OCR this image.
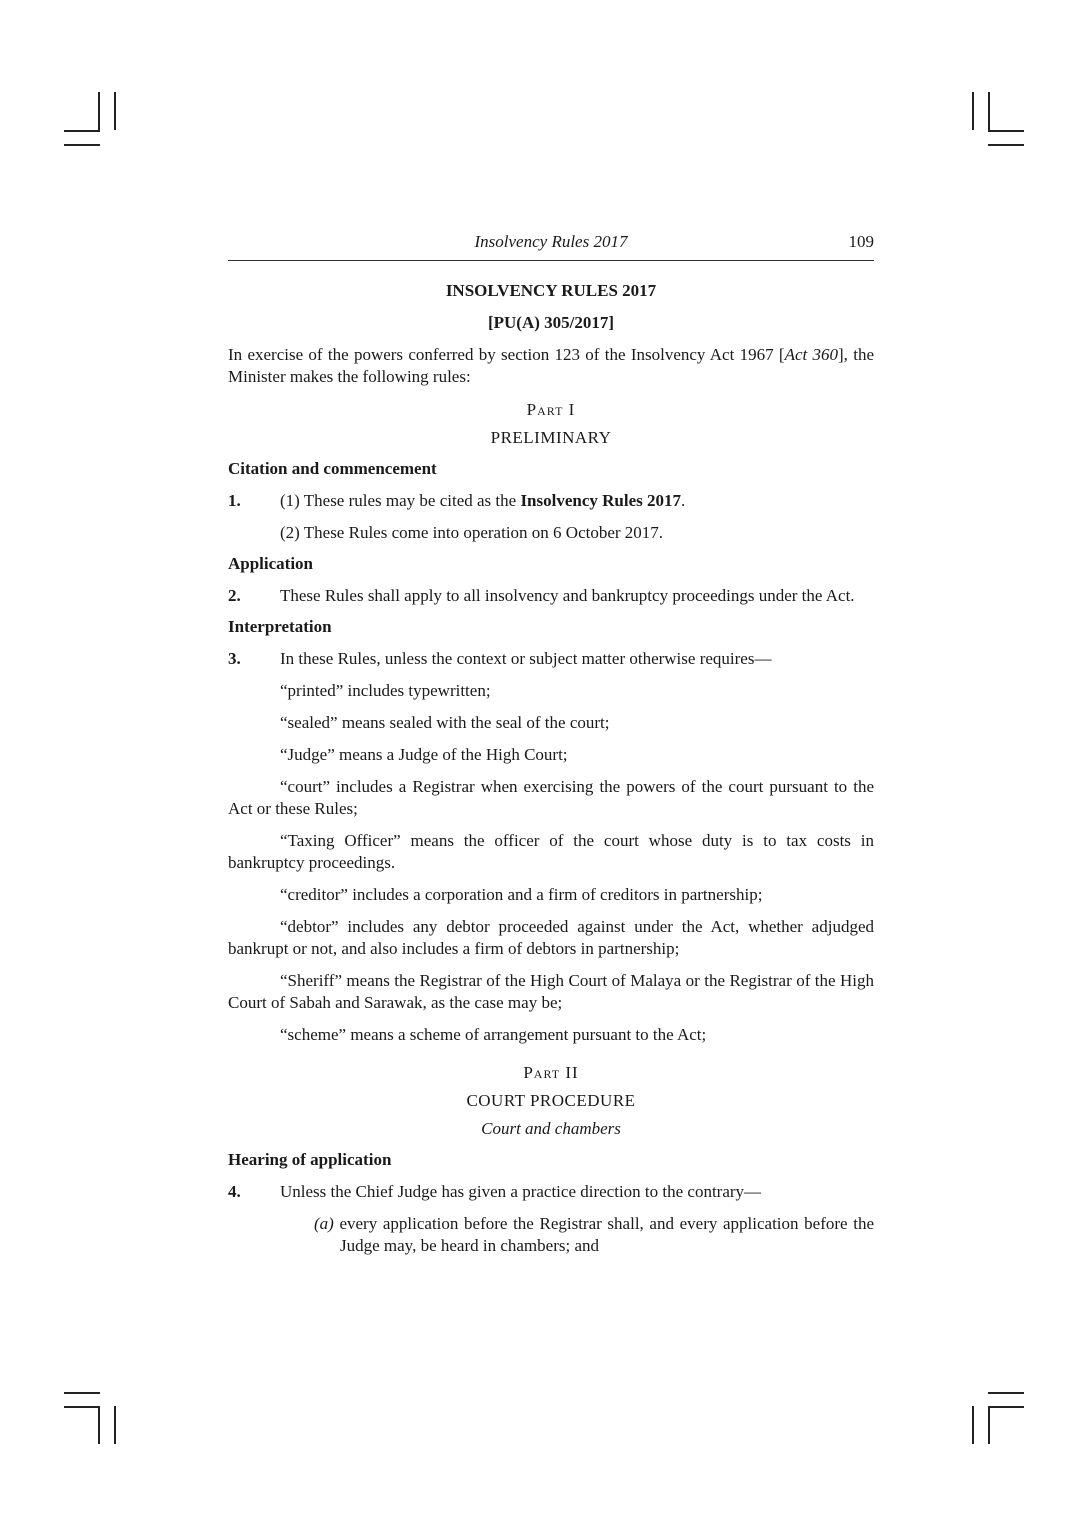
Insolvency Rules 2017	109

INSOLVENCY RULES 2017

[PU(A) 305/2017]

In exercise of the powers conferred by section 123 of the Insolvency Act 1967 [Act 360], the Minister makes the following rules:

Part I

PRELIMINARY

Citation and commencement

1. (1) These rules may be cited as the Insolvency Rules 2017.

(2) These Rules come into operation on 6 October 2017.

Application

2. These Rules shall apply to all insolvency and bankruptcy proceedings under the Act.

Interpretation

3. In these Rules, unless the context or subject matter otherwise requires—

“printed” includes typewritten;

“sealed” means sealed with the seal of the court;

“Judge” means a Judge of the High Court;

“court” includes a Registrar when exercising the powers of the court pursuant to the Act or these Rules;

“Taxing Officer” means the officer of the court whose duty is to tax costs in bankruptcy proceedings.

“creditor” includes a corporation and a firm of creditors in partnership;

“debtor” includes any debtor proceeded against under the Act, whether adjudged bankrupt or not, and also includes a firm of debtors in partnership;

“Sheriff” means the Registrar of the High Court of Malaya or the Registrar of the High Court of Sabah and Sarawak, as the case may be;

“scheme” means a scheme of arrangement pursuant to the Act;

Part II

COURT PROCEDURE

Court and chambers

Hearing of application

4. Unless the Chief Judge has given a practice direction to the contrary—

(a) every application before the Registrar shall, and every application before the Judge may, be heard in chambers; and
